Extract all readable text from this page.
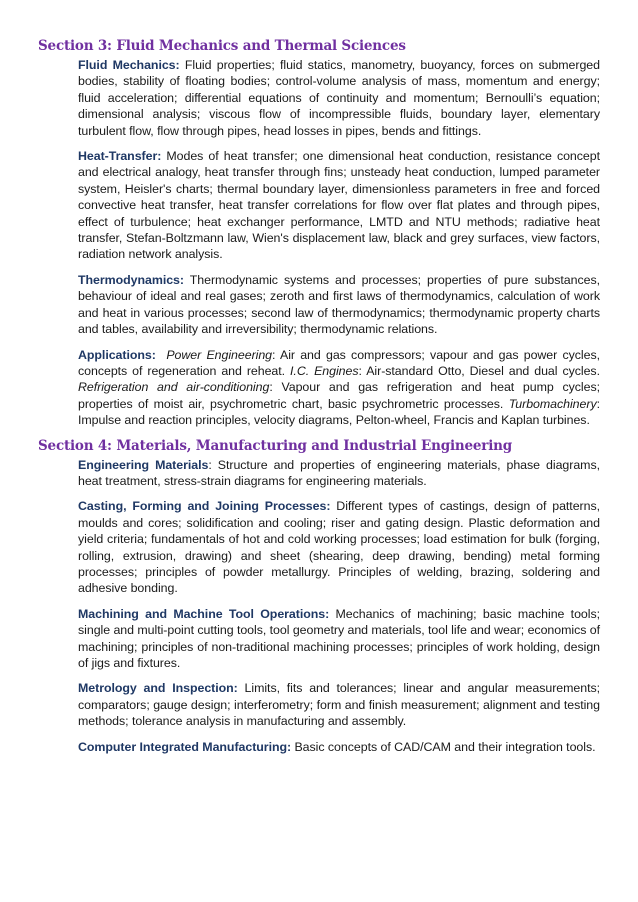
Section 3: Fluid Mechanics and Thermal Sciences

Fluid Mechanics: Fluid properties; fluid statics, manometry, buoyancy, forces on submerged bodies, stability of floating bodies; control-volume analysis of mass, momentum and energy; fluid acceleration; differential equations of continuity and momentum; Bernoulli’s equation; dimensional analysis; viscous flow of incompressible fluids, boundary layer, elementary turbulent flow, flow through pipes, head losses in pipes, bends and fittings.

Heat-Transfer: Modes of heat transfer; one dimensional heat conduction, resistance concept and electrical analogy, heat transfer through fins; unsteady heat conduction, lumped parameter system, Heisler's charts; thermal boundary layer, dimensionless parameters in free and forced convective heat transfer, heat transfer correlations for flow over flat plates and through pipes, effect of turbulence; heat exchanger performance, LMTD and NTU methods; radiative heat transfer, Stefan-Boltzmann law, Wien's displacement law, black and grey surfaces, view factors, radiation network analysis.

Thermodynamics: Thermodynamic systems and processes; properties of pure substances, behaviour of ideal and real gases; zeroth and first laws of thermodynamics, calculation of work and heat in various processes; second law of thermodynamics; thermodynamic property charts and tables, availability and irreversibility; thermodynamic relations.

Applications: Power Engineering: Air and gas compressors; vapour and gas power cycles, concepts of regeneration and reheat. I.C. Engines: Air-standard Otto, Diesel and dual cycles. Refrigeration and air-conditioning: Vapour and gas refrigeration and heat pump cycles; properties of moist air, psychrometric chart, basic psychrometric processes. Turbomachinery: Impulse and reaction principles, velocity diagrams, Pelton-wheel, Francis and Kaplan turbines.

Section 4: Materials, Manufacturing and Industrial Engineering

Engineering Materials: Structure and properties of engineering materials, phase diagrams, heat treatment, stress-strain diagrams for engineering materials.

Casting, Forming and Joining Processes: Different types of castings, design of patterns, moulds and cores; solidification and cooling; riser and gating design. Plastic deformation and yield criteria; fundamentals of hot and cold working processes; load estimation for bulk (forging, rolling, extrusion, drawing) and sheet (shearing, deep drawing, bending) metal forming processes; principles of powder metallurgy. Principles of welding, brazing, soldering and adhesive bonding.

Machining and Machine Tool Operations: Mechanics of machining; basic machine tools; single and multi-point cutting tools, tool geometry and materials, tool life and wear; economics of machining; principles of non-traditional machining processes; principles of work holding, design of jigs and fixtures.

Metrology and Inspection: Limits, fits and tolerances; linear and angular measurements; comparators; gauge design; interferometry; form and finish measurement; alignment and testing methods; tolerance analysis in manufacturing and assembly.

Computer Integrated Manufacturing: Basic concepts of CAD/CAM and their integration tools.
